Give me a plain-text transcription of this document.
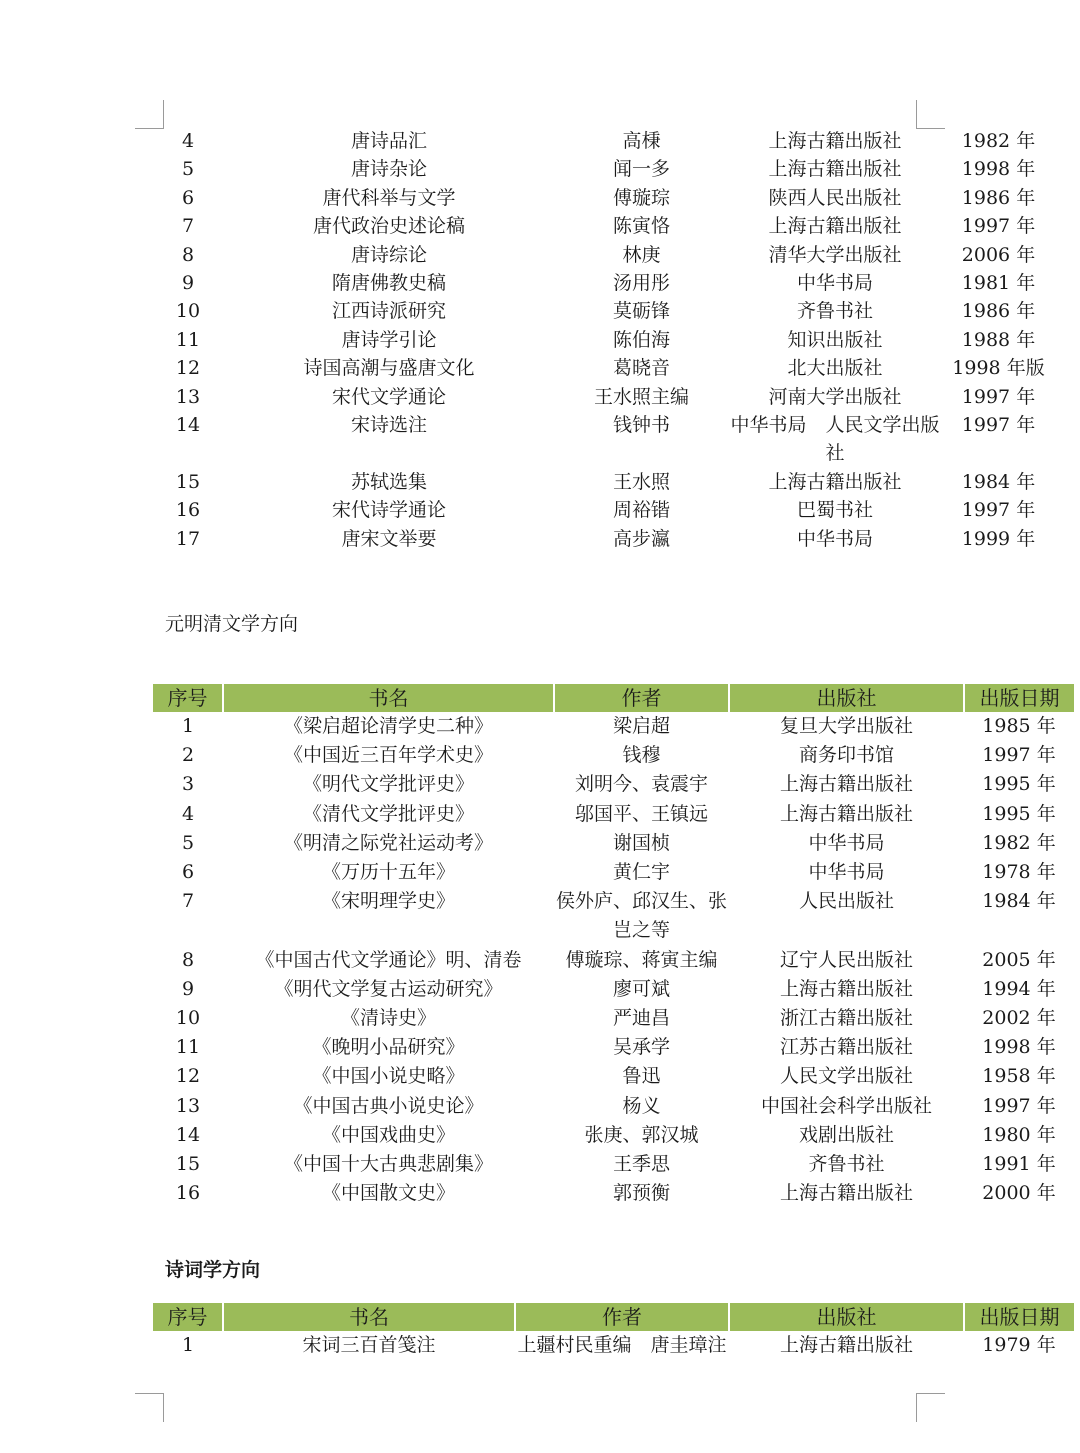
4	唐诗品汇	高棅	上海古籍出版社	1982 年
5	唐诗杂论	闻一多	上海古籍出版社	1998 年
6	唐代科举与文学	傅璇琮	陕西人民出版社	1986 年
7	唐代政治史述论稿	陈寅恪	上海古籍出版社	1997 年
8	唐诗综论	林庚	清华大学出版社	2006 年
9	隋唐佛教史稿	汤用彤	中华书局	1981 年
10	江西诗派研究	莫砺锋	齐鲁书社	1986 年
11	唐诗学引论	陈伯海	知识出版社	1988 年
12	诗国高潮与盛唐文化	葛晓音	北大出版社	1998 年版
13	宋代文学通论	王水照主编	河南大学出版社	1997 年
14	宋诗选注	钱钟书	中华书局　人民文学出版社	1997 年
15	苏轼选集	王水照	上海古籍出版社	1984 年
16	宋代诗学通论	周裕锴	巴蜀书社	1997 年
17	唐宋文举要	高步瀛	中华书局	1999 年
元明清文学方向
序号	书名	作者	出版社	出版日期
1	《梁启超论清学史二种》	梁启超	复旦大学出版社	1985 年
2	《中国近三百年学术史》	钱穆	商务印书馆	1997 年
3	《明代文学批评史》	刘明今、袁震宇	上海古籍出版社	1995 年
4	《清代文学批评史》	邬国平、王镇远	上海古籍出版社	1995 年
5	《明清之际党社运动考》	谢国桢	中华书局	1982 年
6	《万历十五年》	黄仁宇	中华书局	1978 年
7	《宋明理学史》	侯外庐、邱汉生、张岂之等	人民出版社	1984 年
8	《中国古代文学通论》明、清卷	傅璇琮、蒋寅主编	辽宁人民出版社	2005 年
9	《明代文学复古运动研究》	廖可斌	上海古籍出版社	1994 年
10	《清诗史》	严迪昌	浙江古籍出版社	2002 年
11	《晚明小品研究》	吴承学	江苏古籍出版社	1998 年
12	《中国小说史略》	鲁迅	人民文学出版社	1958 年
13	《中国古典小说史论》	杨义	中国社会科学出版社	1997 年
14	《中国戏曲史》	张庚、郭汉城	戏剧出版社	1980 年
15	《中国十大古典悲剧集》	王季思	齐鲁书社	1991 年
16	《中国散文史》	郭预衡	上海古籍出版社	2000 年
诗词学方向
序号	书名	作者	出版社	出版日期
1	宋词三百首笺注	上疆村民重编　唐圭璋注	上海古籍出版社	1979 年
